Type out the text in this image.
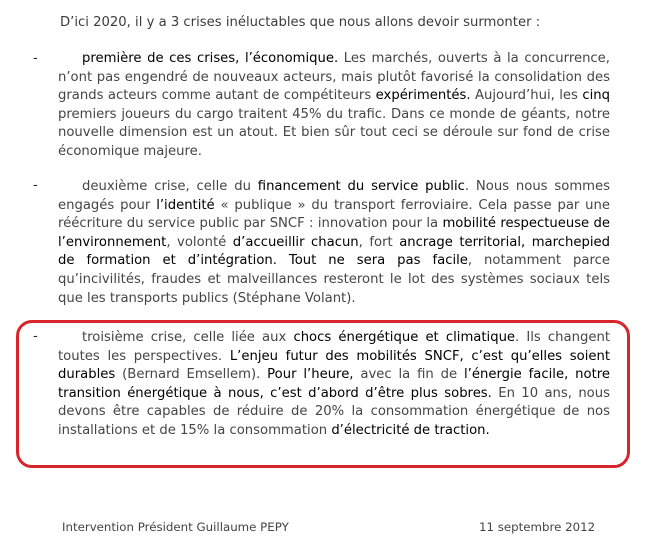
D’ici 2020, il y a 3 crises inéluctables que nous allons devoir surmonter :
-	première de ces crises, l’économique. Les marchés, ouverts à la concurrence, n’ont pas engendré de nouveaux acteurs, mais plutôt favorisé la consolidation des grands acteurs comme autant de compétiteurs expérimentés. Aujourd’hui, les cinq premiers joueurs du cargo traitent 45% du trafic. Dans ce monde de géants, notre nouvelle dimension est un atout. Et bien sûr tout ceci se déroule sur fond de crise économique majeure.
-	deuxième crise, celle du financement du service public. Nous nous sommes engagés pour l’identité « publique » du transport ferroviaire. Cela passe par une réécriture du service public par SNCF : innovation pour la mobilité respectueuse de l’environnement, volonté d’accueillir chacun, fort ancrage territorial, marchepied de formation et d’intégration. Tout ne sera pas facile, notamment parce qu’incivilités, fraudes et malveillances resteront le lot des systèmes sociaux tels que les transports publics (Stéphane Volant).
-	troisième crise, celle liée aux chocs énergétique et climatique. Ils changent toutes les perspectives. L’enjeu futur des mobilités SNCF, c’est qu’elles soient durables (Bernard Emsellem). Pour l’heure, avec la fin de l’énergie facile, notre transition énergétique à nous, c’est d’abord d’être plus sobres. En 10 ans, nous devons être capables de réduire de 20% la consommation énergétique de nos installations et de 15% la consommation d’électricité de traction.
Intervention Président Guillaume PEPY	11 septembre 2012
